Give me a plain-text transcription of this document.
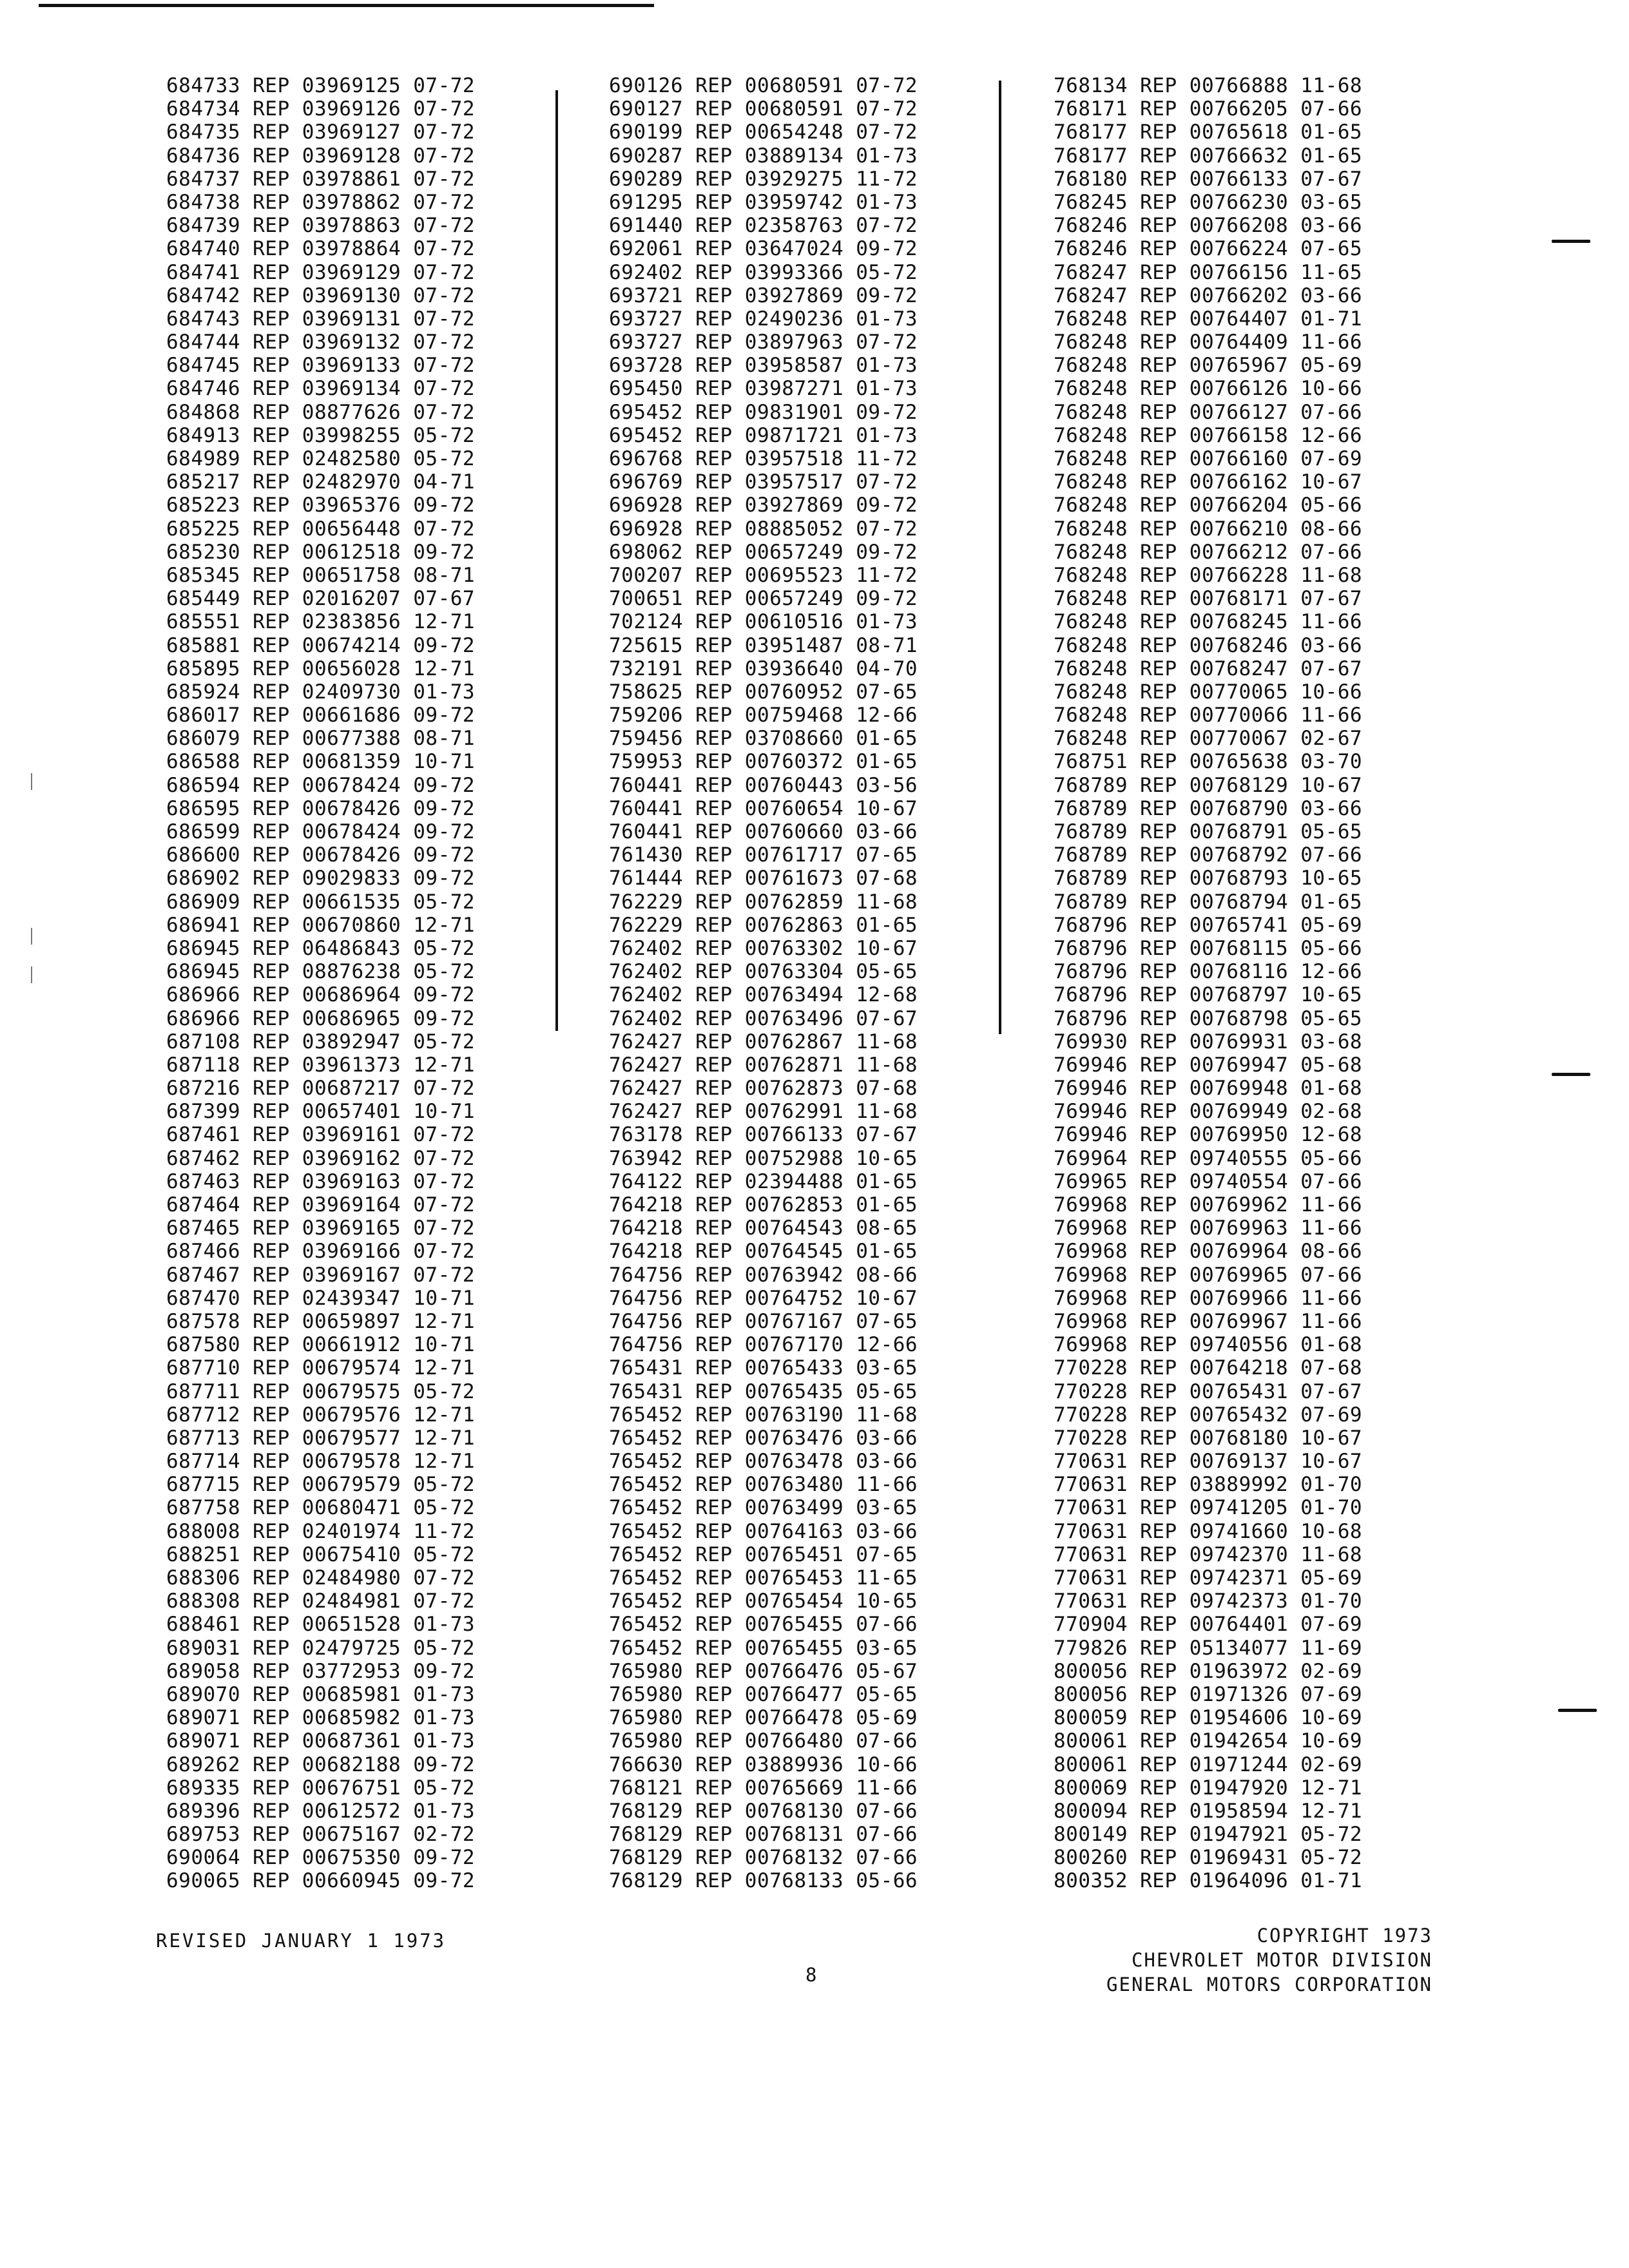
684733 REP 03969125 07-72
684734 REP 03969126 07-72
684735 REP 03969127 07-72
684736 REP 03969128 07-72
684737 REP 03978861 07-72
684738 REP 03978862 07-72
684739 REP 03978863 07-72
684740 REP 03978864 07-72
684741 REP 03969129 07-72
684742 REP 03969130 07-72
684743 REP 03969131 07-72
684744 REP 03969132 07-72
684745 REP 03969133 07-72
684746 REP 03969134 07-72
684868 REP 08877626 07-72
684913 REP 03998255 05-72
684989 REP 02482580 05-72
685217 REP 02482970 04-71
685223 REP 03965376 09-72
685225 REP 00656448 07-72
685230 REP 00612518 09-72
685345 REP 00651758 08-71
685449 REP 02016207 07-67
685551 REP 02383856 12-71
685881 REP 00674214 09-72
685895 REP 00656028 12-71
685924 REP 02409730 01-73
686017 REP 00661686 09-72
686079 REP 00677388 08-71
686588 REP 00681359 10-71
686594 REP 00678424 09-72
686595 REP 00678426 09-72
686599 REP 00678424 09-72
686600 REP 00678426 09-72
686902 REP 09029833 09-72
686909 REP 00661535 05-72
686941 REP 00670860 12-71
686945 REP 06486843 05-72
686945 REP 08876238 05-72
686966 REP 00686964 09-72
686966 REP 00686965 09-72
687108 REP 03892947 05-72
687118 REP 03961373 12-71
687216 REP 00687217 07-72
687399 REP 00657401 10-71
687461 REP 03969161 07-72
687462 REP 03969162 07-72
687463 REP 03969163 07-72
687464 REP 03969164 07-72
687465 REP 03969165 07-72
687466 REP 03969166 07-72
687467 REP 03969167 07-72
687470 REP 02439347 10-71
687578 REP 00659897 12-71
687580 REP 00661912 10-71
687710 REP 00679574 12-71
687711 REP 00679575 05-72
687712 REP 00679576 12-71
687713 REP 00679577 12-71
687714 REP 00679578 12-71
687715 REP 00679579 05-72
687758 REP 00680471 05-72
688008 REP 02401974 11-72
688251 REP 00675410 05-72
688306 REP 02484980 07-72
688308 REP 02484981 07-72
688461 REP 00651528 01-73
689031 REP 02479725 05-72
689058 REP 03772953 09-72
689070 REP 00685981 01-73
689071 REP 00685982 01-73
689071 REP 00687361 01-73
689262 REP 00682188 09-72
689335 REP 00676751 05-72
689396 REP 00612572 01-73
689753 REP 00675167 02-72
690064 REP 00675350 09-72
690065 REP 00660945 09-72
690126 REP 00680591 07-72
690127 REP 00680591 07-72
690199 REP 00654248 07-72
690287 REP 03889134 01-73
690289 REP 03929275 11-72
691295 REP 03959742 01-73
691440 REP 02358763 07-72
692061 REP 03647024 09-72
692402 REP 03993366 05-72
693721 REP 03927869 09-72
693727 REP 02490236 01-73
693727 REP 03897963 07-72
693728 REP 03958587 01-73
695450 REP 03987271 01-73
695452 REP 09831901 09-72
695452 REP 09871721 01-73
696768 REP 03957518 11-72
696769 REP 03957517 07-72
696928 REP 03927869 09-72
696928 REP 08885052 07-72
698062 REP 00657249 09-72
700207 REP 00695523 11-72
700651 REP 00657249 09-72
702124 REP 00610516 01-73
725615 REP 03951487 08-71
732191 REP 03936640 04-70
758625 REP 00760952 07-65
759206 REP 00759468 12-66
759456 REP 03708660 01-65
759953 REP 00760372 01-65
760441 REP 00760443 03-56
760441 REP 00760654 10-67
760441 REP 00760660 03-66
761430 REP 00761717 07-65
761444 REP 00761673 07-68
762229 REP 00762859 11-68
762229 REP 00762863 01-65
762402 REP 00763302 10-67
762402 REP 00763304 05-65
762402 REP 00763494 12-68
762402 REP 00763496 07-67
762427 REP 00762867 11-68
762427 REP 00762871 11-68
762427 REP 00762873 07-68
762427 REP 00762991 11-68
763178 REP 00766133 07-67
763942 REP 00752988 10-65
764122 REP 02394488 01-65
764218 REP 00762853 01-65
764218 REP 00764543 08-65
764218 REP 00764545 01-65
764756 REP 00763942 08-66
764756 REP 00764752 10-67
764756 REP 00767167 07-65
764756 REP 00767170 12-66
765431 REP 00765433 03-65
765431 REP 00765435 05-65
765452 REP 00763190 11-68
765452 REP 00763476 03-66
765452 REP 00763478 03-66
765452 REP 00763480 11-66
765452 REP 00763499 03-65
765452 REP 00764163 03-66
765452 REP 00765451 07-65
765452 REP 00765453 11-65
765452 REP 00765454 10-65
765452 REP 00765455 07-66
765452 REP 00765455 03-65
765980 REP 00766476 05-67
765980 REP 00766477 05-65
765980 REP 00766478 05-69
765980 REP 00766480 07-66
766630 REP 03889936 10-66
768121 REP 00765669 11-66
768129 REP 00768130 07-66
768129 REP 00768131 07-66
768129 REP 00768132 07-66
768129 REP 00768133 05-66
768134 REP 00766888 11-68
768171 REP 00766205 07-66
768177 REP 00765618 01-65
768177 REP 00766632 01-65
768180 REP 00766133 07-67
768245 REP 00766230 03-65
768246 REP 00766208 03-66
768246 REP 00766224 07-65
768247 REP 00766156 11-65
768247 REP 00766202 03-66
768248 REP 00764407 01-71
768248 REP 00764409 11-66
768248 REP 00765967 05-69
768248 REP 00766126 10-66
768248 REP 00766127 07-66
768248 REP 00766158 12-66
768248 REP 00766160 07-69
768248 REP 00766162 10-67
768248 REP 00766204 05-66
768248 REP 00766210 08-66
768248 REP 00766212 07-66
768248 REP 00766228 11-68
768248 REP 00768171 07-67
768248 REP 00768245 11-66
768248 REP 00768246 03-66
768248 REP 00768247 07-67
768248 REP 00770065 10-66
768248 REP 00770066 11-66
768248 REP 00770067 02-67
768751 REP 00765638 03-70
768789 REP 00768129 10-67
768789 REP 00768790 03-66
768789 REP 00768791 05-65
768789 REP 00768792 07-66
768789 REP 00768793 10-65
768789 REP 00768794 01-65
768796 REP 00765741 05-69
768796 REP 00768115 05-66
768796 REP 00768116 12-66
768796 REP 00768797 10-65
768796 REP 00768798 05-65
769930 REP 00769931 03-68
769946 REP 00769947 05-68
769946 REP 00769948 01-68
769946 REP 00769949 02-68
769946 REP 00769950 12-68
769964 REP 09740555 05-66
769965 REP 09740554 07-66
769968 REP 00769962 11-66
769968 REP 00769963 11-66
769968 REP 00769964 08-66
769968 REP 00769965 07-66
769968 REP 00769966 11-66
769968 REP 00769967 11-66
769968 REP 09740556 01-68
770228 REP 00764218 07-68
770228 REP 00765431 07-67
770228 REP 00765432 07-69
770228 REP 00768180 10-67
770631 REP 00769137 10-67
770631 REP 03889992 01-70
770631 REP 09741205 01-70
770631 REP 09741660 10-68
770631 REP 09742370 11-68
770631 REP 09742371 05-69
770631 REP 09742373 01-70
770904 REP 00764401 07-69
779826 REP 05134077 11-69
800056 REP 01963972 02-69
800056 REP 01971326 07-69
800059 REP 01954606 10-69
800061 REP 01942654 10-69
800061 REP 01971244 02-69
800069 REP 01947920 12-71
800094 REP 01958594 12-71
800149 REP 01947921 05-72
800260 REP 01969431 05-72
800352 REP 01964096 01-71
REVISED JANUARY 1 1973
8
COPYRIGHT 1973
CHEVROLET MOTOR DIVISION
GENERAL MOTORS CORPORATION
